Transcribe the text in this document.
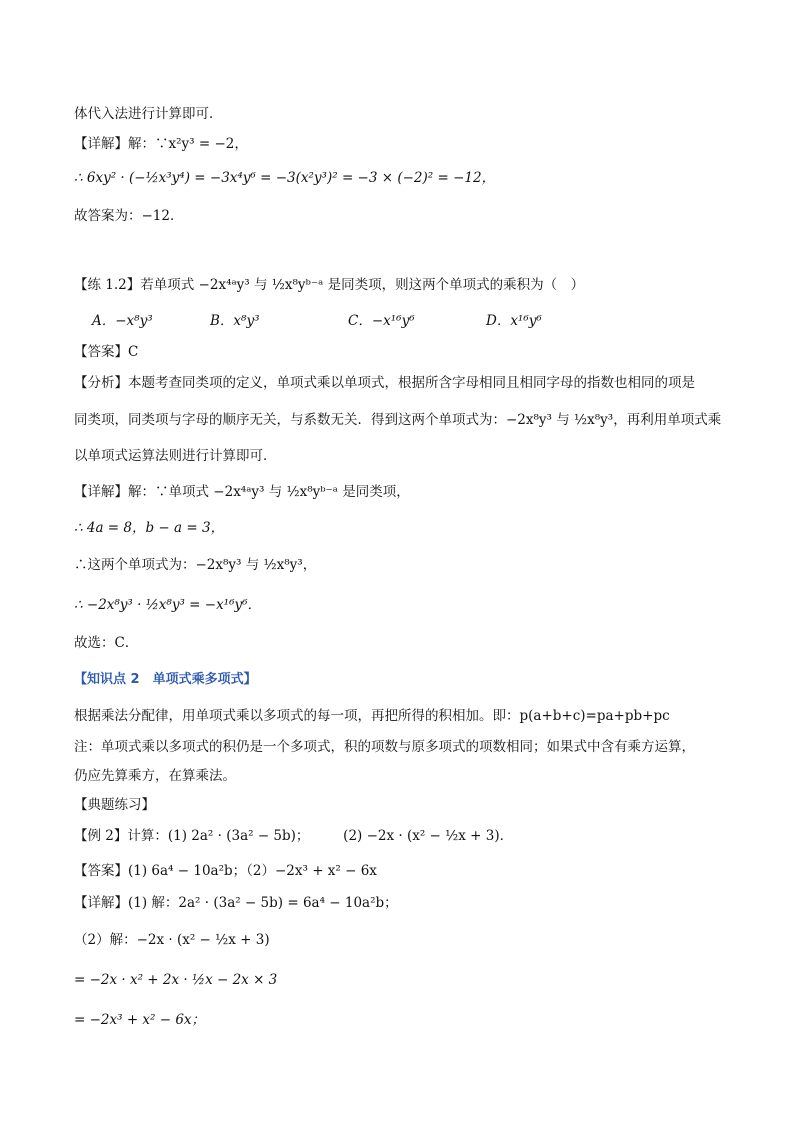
体代入法进行计算即可．
【详解】解：∵x²y³ = −2，
∴ 6xy² · (−½x³y⁴) = −3x⁴y⁶ = −3(x²y³)² = −3 × (−2)² = −12，
故答案为：−12．
【练 1.2】若单项式 −2x⁴ᵃy³ 与 ½x⁸yᵇ⁻ᵃ 是同类项，则这两个单项式的乘积为（　）
A．−x⁸y³	B．x⁸y³	C．−x¹⁶y⁶	D．x¹⁶y⁶
【答案】C
【分析】本题考查同类项的定义，单项式乘以单项式，根据所含字母相同且相同字母的指数也相同的项是
同类项，同类项与字母的顺序无关，与系数无关．得到这两个单项式为：−2x⁸y³ 与 ½x⁸y³，再利用单项式乘
以单项式运算法则进行计算即可．
【详解】解：∵单项式 −2x⁴ᵃy³ 与 ½x⁸yᵇ⁻ᵃ 是同类项，
∴ 4a = 8，b − a = 3，
∴这两个单项式为：−2x⁸y³ 与 ½x⁸y³，
∴ −2x⁸y³ · ½x⁸y³ = −x¹⁶y⁶．
故选：C．
【知识点 2　单项式乘多项式】
根据乘法分配律，用单项式乘以多项式的每一项，再把所得的积相加。即：p(a+b+c)=pa+pb+pc
注：单项式乘以多项式的积仍是一个多项式，积的项数与原多项式的项数相同；如果式中含有乘方运算，
仍应先算乘方，在算乘法。
【典题练习】
【例 2】计算：(1) 2a² · (3a² − 5b)；　　　(2) −2x · (x² − ½x + 3)．
【答案】(1) 6a⁴ − 10a²b；（2）−2x³ + x² − 6x
【详解】(1) 解：2a² · (3a² − 5b) = 6a⁴ − 10a²b；
（2）解：−2x · (x² − ½x + 3)
= −2x · x² + 2x · ½x − 2x × 3
= −2x³ + x² − 6x；
